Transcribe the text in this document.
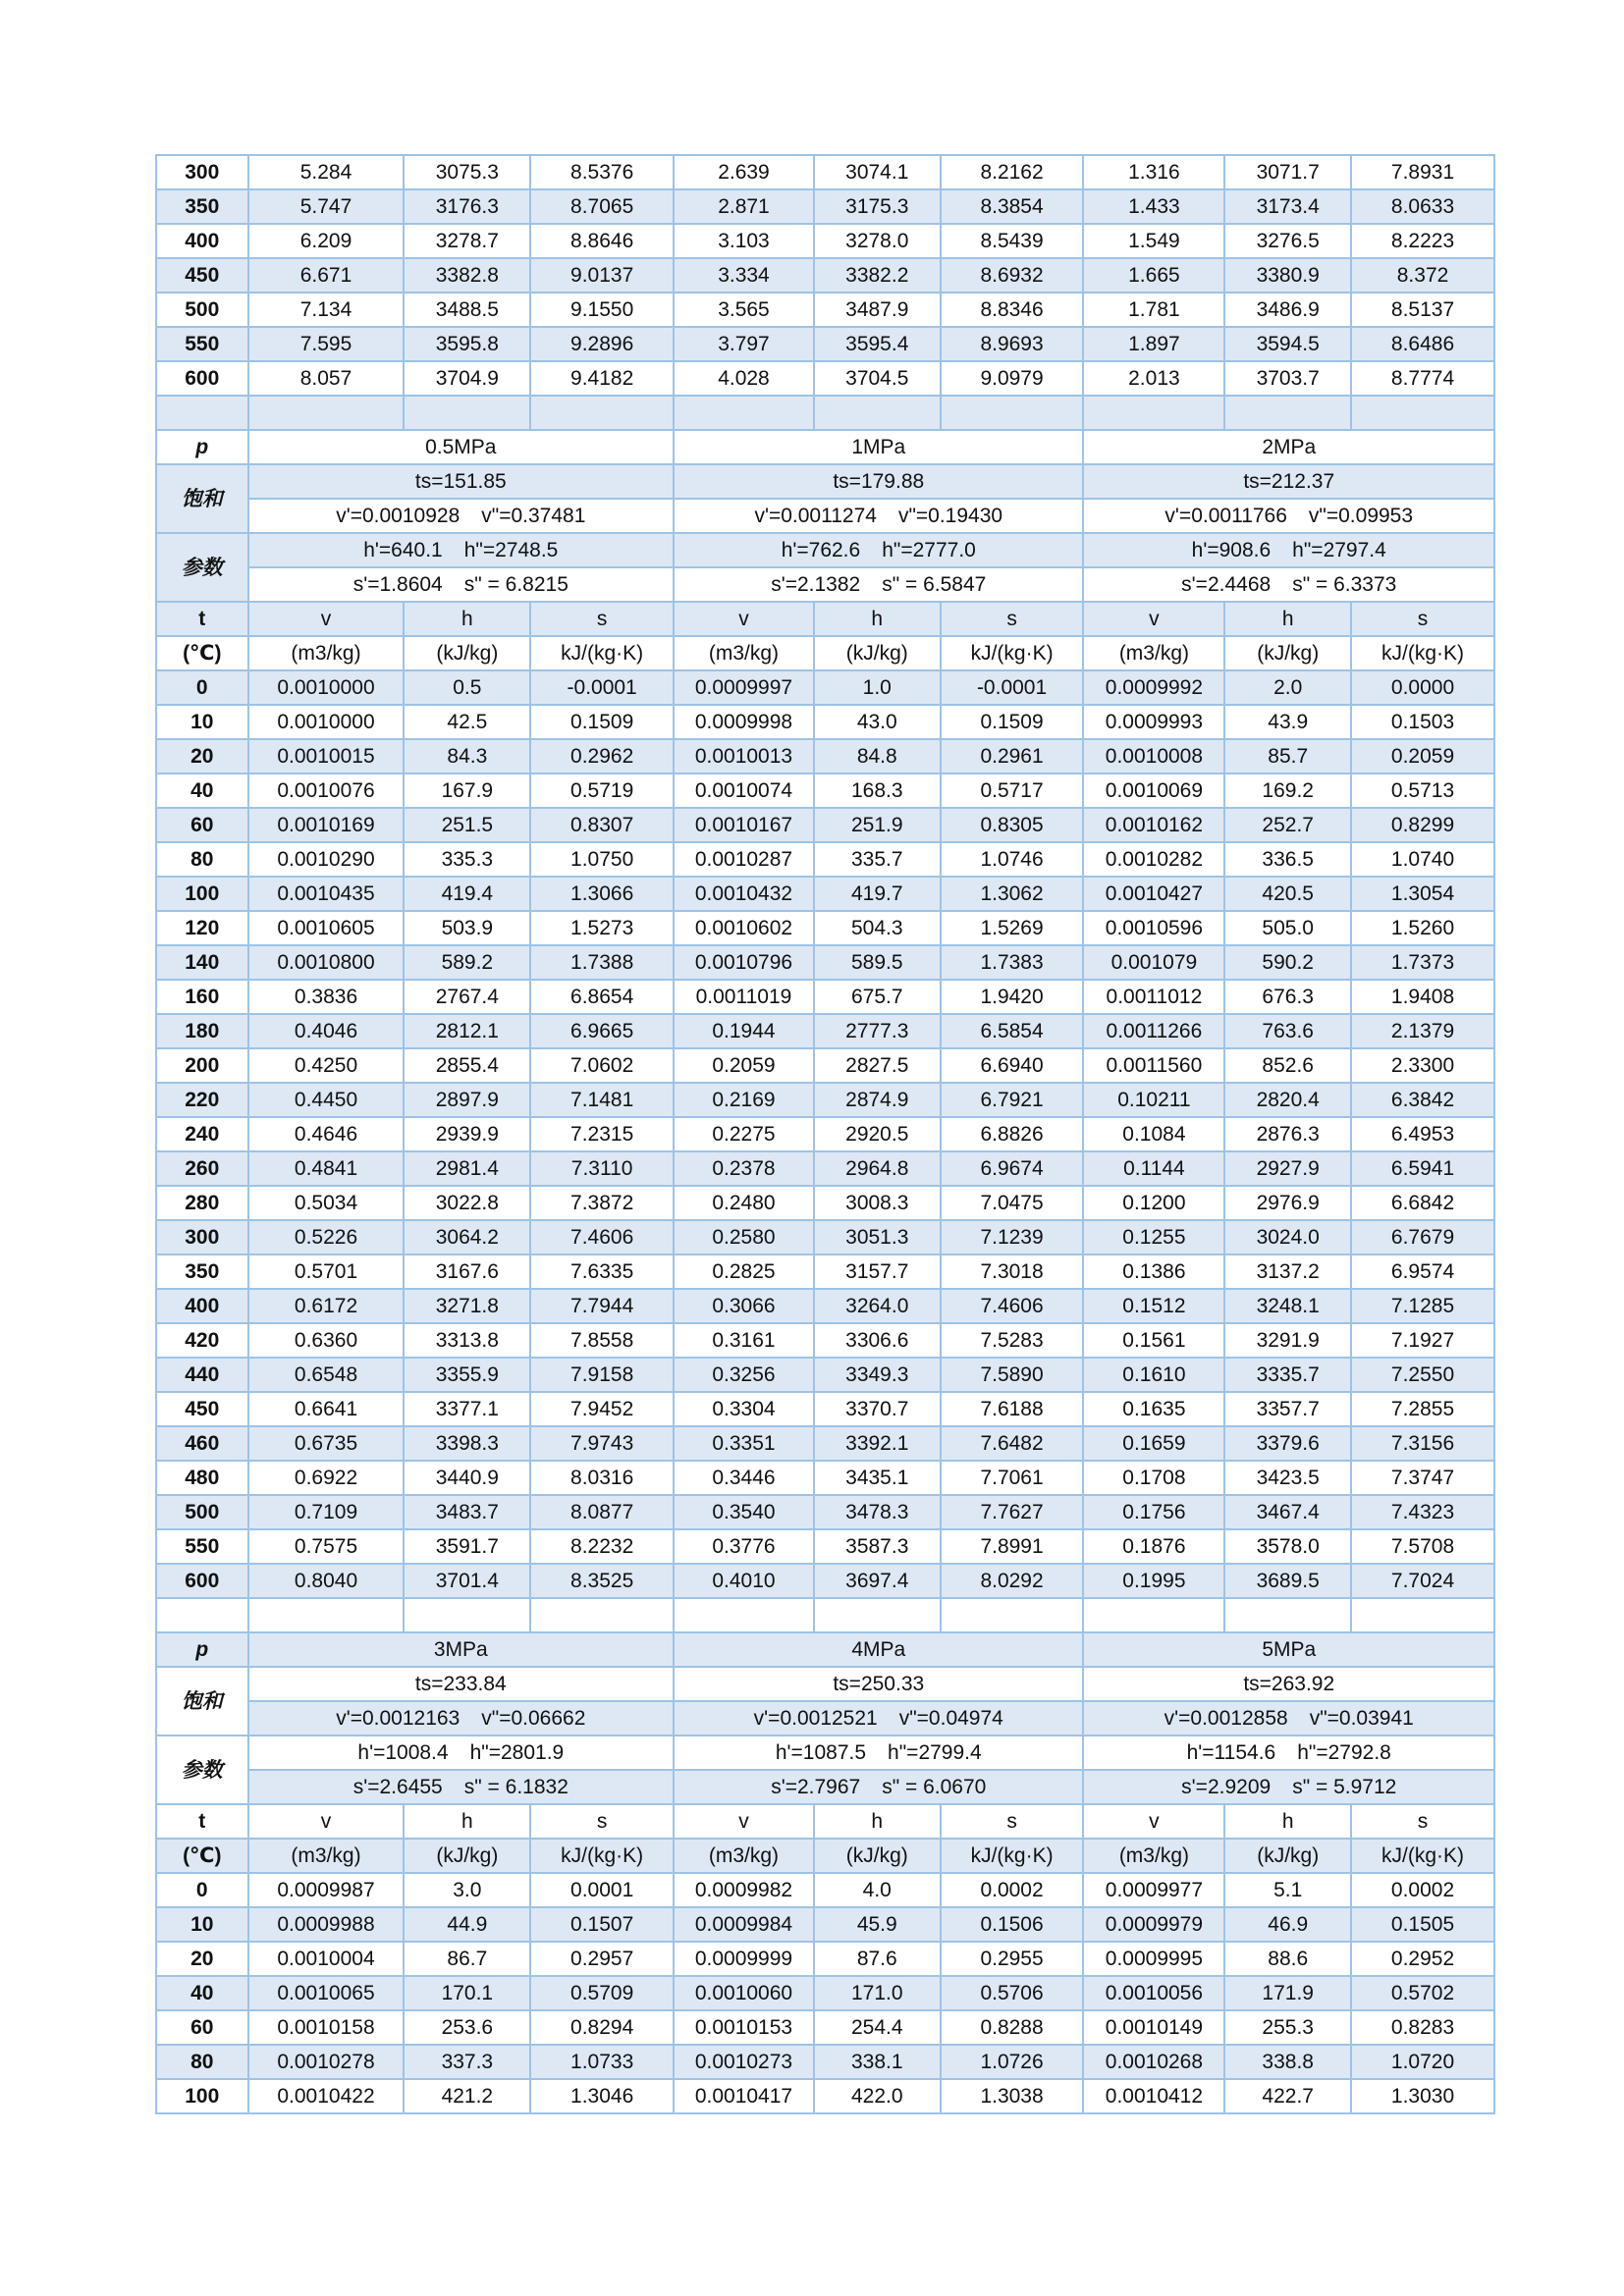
300	5.284	3075.3	8.5376	2.639	3074.1	8.2162	1.316	3071.7	7.8931
350	5.747	3176.3	8.7065	2.871	3175.3	8.3854	1.433	3173.4	8.0633
400	6.209	3278.7	8.8646	3.103	3278.0	8.5439	1.549	3276.5	8.2223
450	6.671	3382.8	9.0137	3.334	3382.2	8.6932	1.665	3380.9	8.372
500	7.134	3488.5	9.1550	3.565	3487.9	8.8346	1.781	3486.9	8.5137
550	7.595	3595.8	9.2896	3.797	3595.4	8.9693	1.897	3594.5	8.6486
600	8.057	3704.9	9.4182	4.028	3704.5	9.0979	2.013	3703.7	8.7774

p	0.5MPa			1MPa			2MPa		
饱和	ts=151.85			ts=179.88			ts=212.37		
	v'=0.0010928 v"=0.37481			v'=0.0011274 v"=0.19430			v'=0.0011766 v"=0.09953		
参数	h'=640.1 h"=2748.5			h'=762.6 h"=2777.0			h'=908.6 h"=2797.4		
	s'=1.8604 s" = 6.8215			s'=2.1382 s" = 6.5847			s'=2.4468 s" = 6.3373		
t	v	h	s	v	h	s	v	h	s
(℃)	(m3/kg)	(kJ/kg)	kJ/(kg·K)	(m3/kg)	(kJ/kg)	kJ/(kg·K)	(m3/kg)	(kJ/kg)	kJ/(kg·K)
0	0.0010000	0.5	-0.0001	0.0009997	1.0	-0.0001	0.0009992	2.0	0.0000
10	0.0010000	42.5	0.1509	0.0009998	43.0	0.1509	0.0009993	43.9	0.1503
20	0.0010015	84.3	0.2962	0.0010013	84.8	0.2961	0.0010008	85.7	0.2059
40	0.0010076	167.9	0.5719	0.0010074	168.3	0.5717	0.0010069	169.2	0.5713
60	0.0010169	251.5	0.8307	0.0010167	251.9	0.8305	0.0010162	252.7	0.8299
80	0.0010290	335.3	1.0750	0.0010287	335.7	1.0746	0.0010282	336.5	1.0740
100	0.0010435	419.4	1.3066	0.0010432	419.7	1.3062	0.0010427	420.5	1.3054
120	0.0010605	503.9	1.5273	0.0010602	504.3	1.5269	0.0010596	505.0	1.5260
140	0.0010800	589.2	1.7388	0.0010796	589.5	1.7383	0.001079	590.2	1.7373
160	0.3836	2767.4	6.8654	0.0011019	675.7	1.9420	0.0011012	676.3	1.9408
180	0.4046	2812.1	6.9665	0.1944	2777.3	6.5854	0.0011266	763.6	2.1379
200	0.4250	2855.4	7.0602	0.2059	2827.5	6.6940	0.0011560	852.6	2.3300
220	0.4450	2897.9	7.1481	0.2169	2874.9	6.7921	0.10211	2820.4	6.3842
240	0.4646	2939.9	7.2315	0.2275	2920.5	6.8826	0.1084	2876.3	6.4953
260	0.4841	2981.4	7.3110	0.2378	2964.8	6.9674	0.1144	2927.9	6.5941
280	0.5034	3022.8	7.3872	0.2480	3008.3	7.0475	0.1200	2976.9	6.6842
300	0.5226	3064.2	7.4606	0.2580	3051.3	7.1239	0.1255	3024.0	6.7679
350	0.5701	3167.6	7.6335	0.2825	3157.7	7.3018	0.1386	3137.2	6.9574
400	0.6172	3271.8	7.7944	0.3066	3264.0	7.4606	0.1512	3248.1	7.1285
420	0.6360	3313.8	7.8558	0.3161	3306.6	7.5283	0.1561	3291.9	7.1927
440	0.6548	3355.9	7.9158	0.3256	3349.3	7.5890	0.1610	3335.7	7.2550
450	0.6641	3377.1	7.9452	0.3304	3370.7	7.6188	0.1635	3357.7	7.2855
460	0.6735	3398.3	7.9743	0.3351	3392.1	7.6482	0.1659	3379.6	7.3156
480	0.6922	3440.9	8.0316	0.3446	3435.1	7.7061	0.1708	3423.5	7.3747
500	0.7109	3483.7	8.0877	0.3540	3478.3	7.7627	0.1756	3467.4	7.4323
550	0.7575	3591.7	8.2232	0.3776	3587.3	7.8991	0.1876	3578.0	7.5708
600	0.8040	3701.4	8.3525	0.4010	3697.4	8.0292	0.1995	3689.5	7.7024

p	3MPa			4MPa			5MPa		
饱和	ts=233.84			ts=250.33			ts=263.92		
	v'=0.0012163 v"=0.06662			v'=0.0012521 v"=0.04974			v'=0.0012858 v"=0.03941		
参数	h'=1008.4 h"=2801.9			h'=1087.5 h"=2799.4			h'=1154.6 h"=2792.8		
	s'=2.6455 s" = 6.1832			s'=2.7967 s" = 6.0670			s'=2.9209 s" = 5.9712		
t	v	h	s	v	h	s	v	h	s
(℃)	(m3/kg)	(kJ/kg)	kJ/(kg·K)	(m3/kg)	(kJ/kg)	kJ/(kg·K)	(m3/kg)	(kJ/kg)	kJ/(kg·K)
0	0.0009987	3.0	0.0001	0.0009982	4.0	0.0002	0.0009977	5.1	0.0002
10	0.0009988	44.9	0.1507	0.0009984	45.9	0.1506	0.0009979	46.9	0.1505
20	0.0010004	86.7	0.2957	0.0009999	87.6	0.2955	0.0009995	88.6	0.2952
40	0.0010065	170.1	0.5709	0.0010060	171.0	0.5706	0.0010056	171.9	0.5702
60	0.0010158	253.6	0.8294	0.0010153	254.4	0.8288	0.0010149	255.3	0.8283
80	0.0010278	337.3	1.0733	0.0010273	338.1	1.0726	0.0010268	338.8	1.0720
100	0.0010422	421.2	1.3046	0.0010417	422.0	1.3038	0.0010412	422.7	1.3030
